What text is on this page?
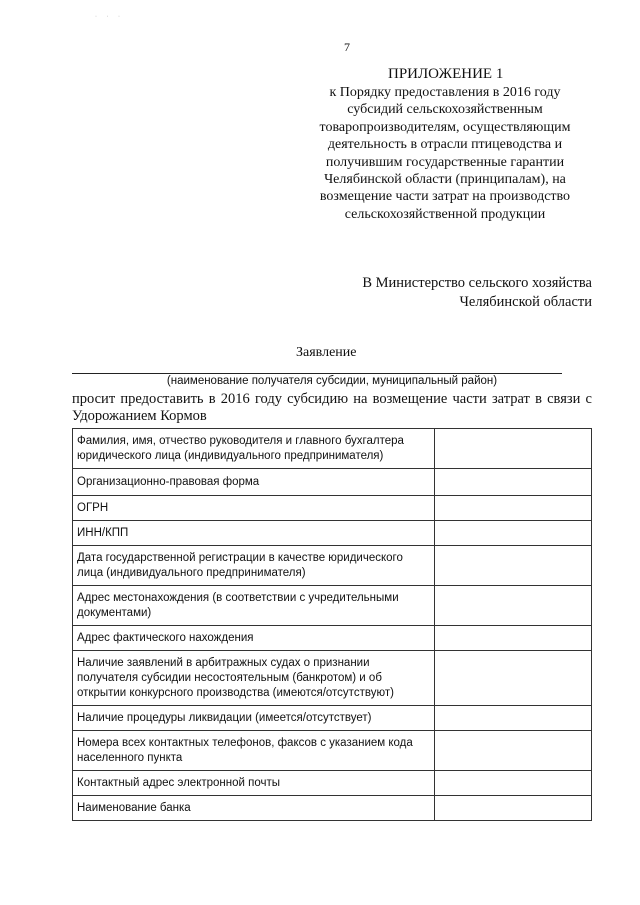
· · ·
7
ПРИЛОЖЕНИЕ 1
к Порядку предоставления в 2016 году
субсидий сельскохозяйственным
товаропроизводителям, осуществляющим
деятельность в отрасли птицеводства и
получившим государственные гарантии
Челябинской области (принципалам), на
возмещение части затрат на производство
сельскохозяйственной продукции
В Министерство сельского хозяйства
Челябинской области
Заявление
(наименование получателя субсидии, муниципальный район)
просит предоставить в 2016 году субсидию на возмещение части затрат в связи с Удорожанием Кормов
Фамилия, имя, отчество руководителя и главного бухгалтера юридического лица (индивидуального предпринимателя)	
Организационно-правовая форма	
ОГРН	
ИНН/КПП	
Дата государственной регистрации в качестве юридического лица (индивидуального предпринимателя)	
Адрес местонахождения (в соответствии с учредительными документами)	
Адрес фактического нахождения	
Наличие заявлений в арбитражных судах о признании получателя субсидии несостоятельным (банкротом) и об открытии конкурсного производства (имеются/отсутствуют)	
Наличие процедуры ликвидации (имеется/отсутствует)	
Номера всех контактных телефонов, факсов с указанием кода населенного пункта	
Контактный адрес электронной почты	
Наименование банка	
